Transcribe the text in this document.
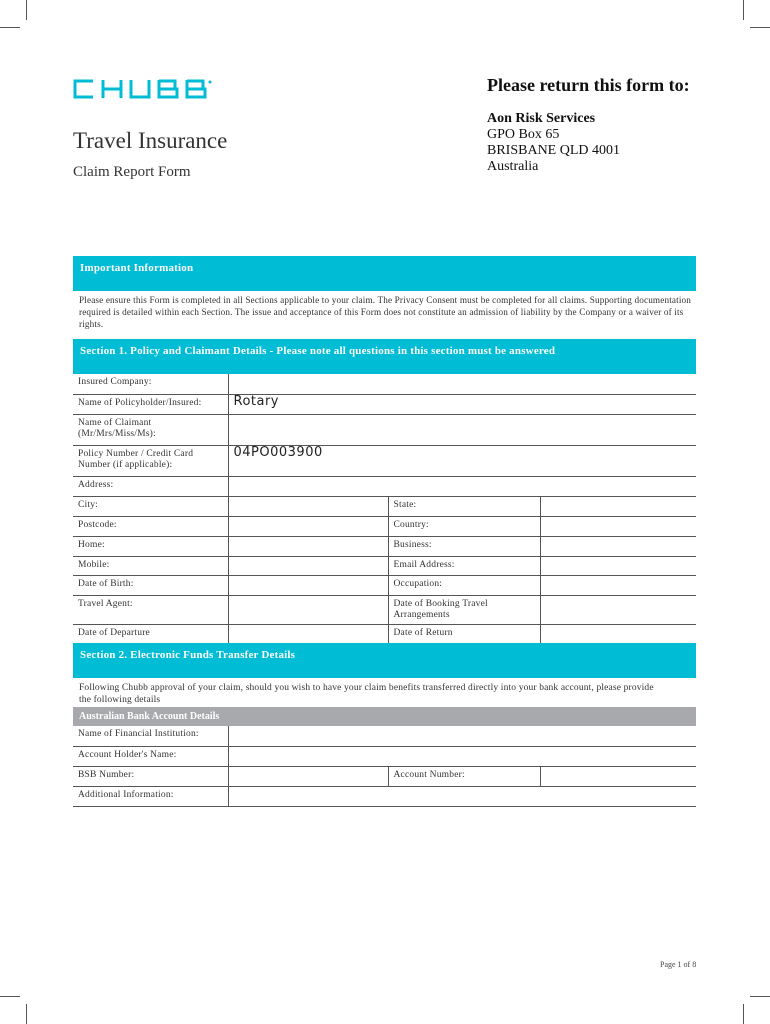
Travel Insurance
Claim Report Form
Please return this form to:
Aon Risk Services
GPO Box 65
BRISBANE QLD 4001
Australia
Important Information
Please ensure this Form is completed in all Sections applicable to your claim. The Privacy Consent must be completed for all claims. Supporting documentation required is detailed within each Section. The issue and acceptance of this Form does not constitute an admission of liability by the Company or a waiver of its rights.
Section 1. Policy and Claimant Details - Please note all questions in this section must be answered
Insured Company:			
Name of Policyholder/Insured:	Rotary		
Name of Claimant (Mr/Mrs/Miss/Ms):			
Policy Number / Credit Card Number (if applicable):	04PO003900		
Address:			
City:		State:	
Postcode:		Country:	
Home:		Business:	
Mobile:		Email Address:	
Date of Birth:		Occupation:	
Travel Agent:		Date of Booking Travel Arrangements	
Date of Departure		Date of Return	
Section 2. Electronic Funds Transfer Details
Following Chubb approval of your claim, should you wish to have your claim benefits transferred directly into your bank account, please provide the following details
Australian Bank Account Details
Name of Financial Institution:			
Account Holder's Name:			
BSB Number:		Account Number:	
Additional Information:			
Page 1 of 8
